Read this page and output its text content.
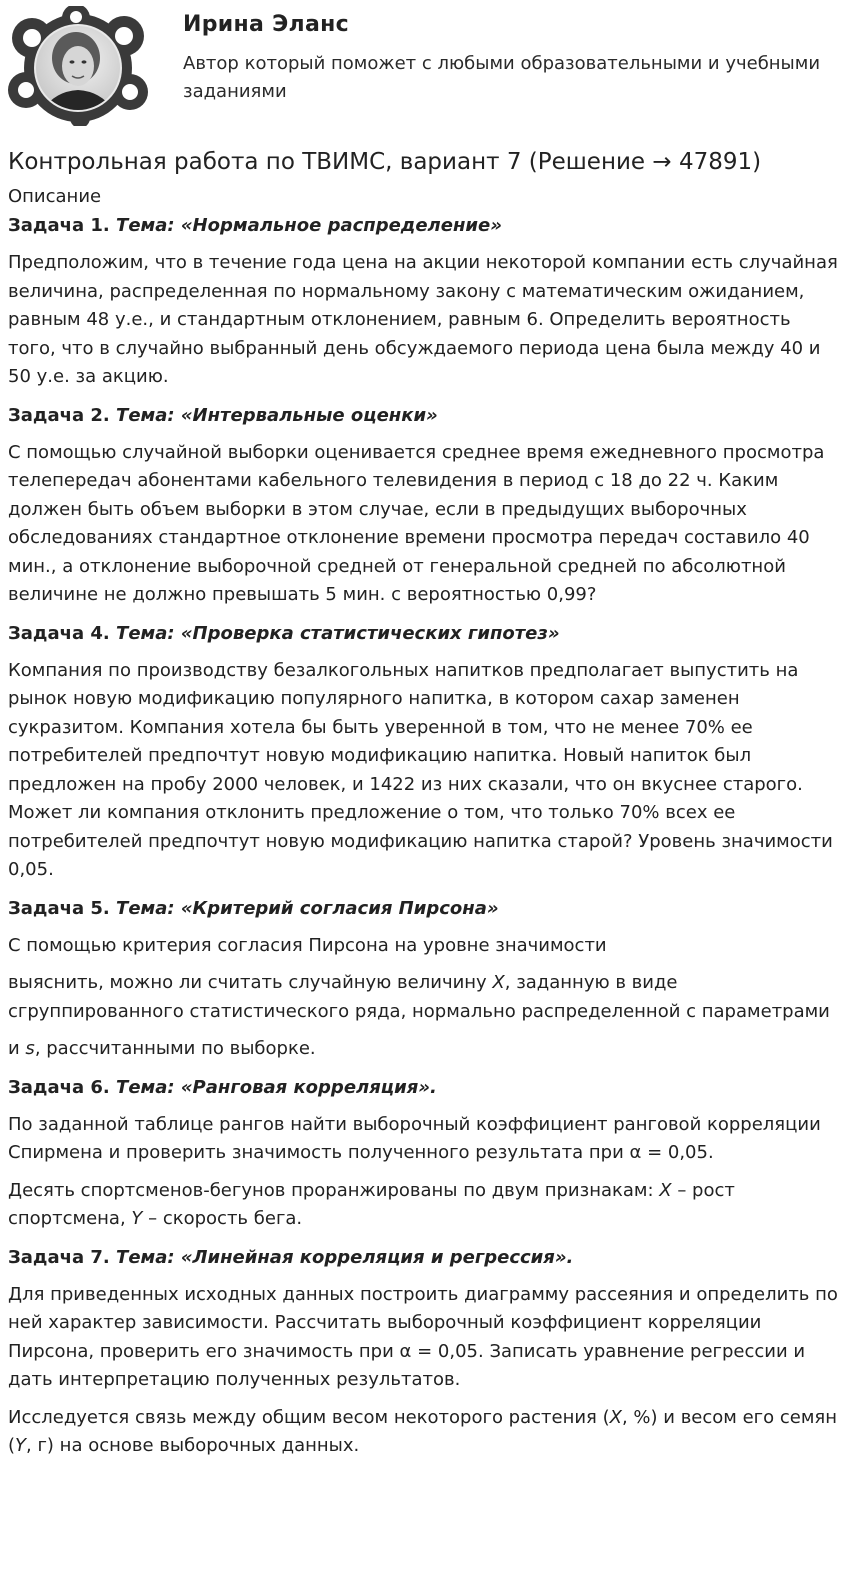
Ирина Эланс
Автор который поможет с любыми образовательными и учебными заданиями
Контрольная работа по ТВИМС, вариант 7 (Решение → 47891)
Описание
Задача 1. Тема: «Нормальное распределение»

Предположим, что в течение года цена на акции некоторой компании есть случайная величина, распределенная по нормальному закону с математическим ожиданием, равным 48 у.е., и стандартным отклонением, равным 6. Определить вероятность того, что в случайно выбранный день обсуждаемого периода цена была между 40 и 50 у.е. за акцию.

Задача 2. Тема: «Интервальные оценки»

С помощью случайной выборки оценивается среднее время ежедневного просмотра телепередач абонентами кабельного телевидения в период с 18 до 22 ч. Каким должен быть объем выборки в этом случае, если в предыдущих выборочных обследованиях стандартное отклонение времени просмотра передач составило 40 мин., а отклонение выборочной средней от генеральной средней по абсолютной величине не должно превышать 5 мин. с вероятностью 0,99?

Задача 4. Тема: «Проверка статистических гипотез»

Компания по производству безалкогольных напитков предполагает выпустить на рынок новую модификацию популярного напитка, в котором сахар заменен сукразитом. Компания хотела бы быть уверенной в том, что не менее 70% ее потребителей предпочтут новую модификацию напитка. Новый напиток был предложен на пробу 2000 человек, и 1422 из них сказали, что он вкуснее старого. Может ли компания отклонить предложение о том, что только 70% всех ее потребителей предпочтут новую модификацию напитка старой? Уровень значимости 0,05.

Задача 5. Тема: «Критерий согласия Пирсона»

С помощью критерия согласия Пирсона на уровне значимости

выяснить, можно ли считать случайную величину X, заданную в виде сгруппированного статистического ряда, нормально распределенной с параметрами

и s, рассчитанными по выборке.

Задача 6. Тема: «Ранговая корреляция».

По заданной таблице рангов найти выборочный коэффициент ранговой корреляции Спирмена и проверить значимость полученного результата при α = 0,05.

Десять спортсменов-бегунов проранжированы по двум признакам: X – рост спортсмена, Y – скорость бега.

Задача 7. Тема: «Линейная корреляция и регрессия».

Для приведенных исходных данных построить диаграмму рассеяния и определить по ней характер зависимости. Рассчитать выборочный коэффициент корреляции Пирсона, проверить его значимость при α = 0,05. Записать уравнение регрессии и дать интерпретацию полученных результатов.

Исследуется связь между общим весом некоторого растения (X, %) и весом его семян (Y, г) на основе выборочных данных.
